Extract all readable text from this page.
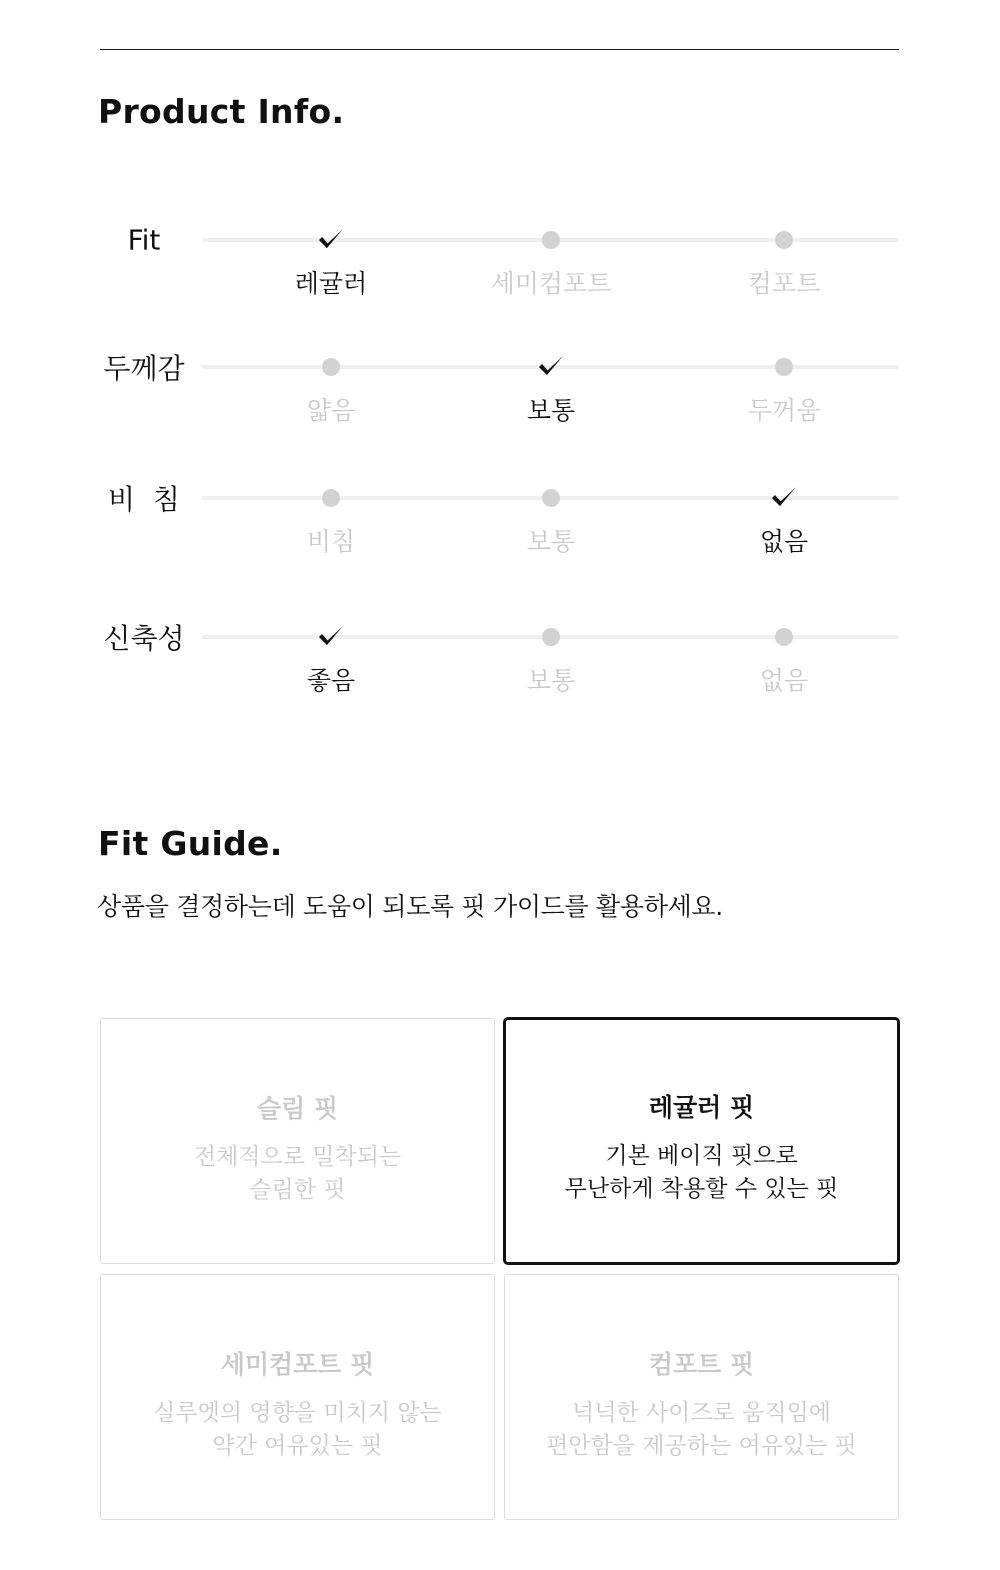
Product Info.
Fit
레귤러	세미컴포트	컴포트
두께감
얇음	보통	두꺼움
비  침
비침	보통	없음
신축성
좋음	보통	없음
Fit Guide.
상품을 결정하는데 도움이 되도록 핏 가이드를 활용하세요.
슬림 핏
전체적으로 밀착되는
슬림한 핏
레귤러 핏
기본 베이직 핏으로
무난하게 착용할 수 있는 핏
세미컴포트 핏
실루엣의 영향을 미치지 않는
약간 여유있는 핏
컴포트 핏
넉넉한 사이즈로 움직임에
편안함을 제공하는 여유있는 핏
